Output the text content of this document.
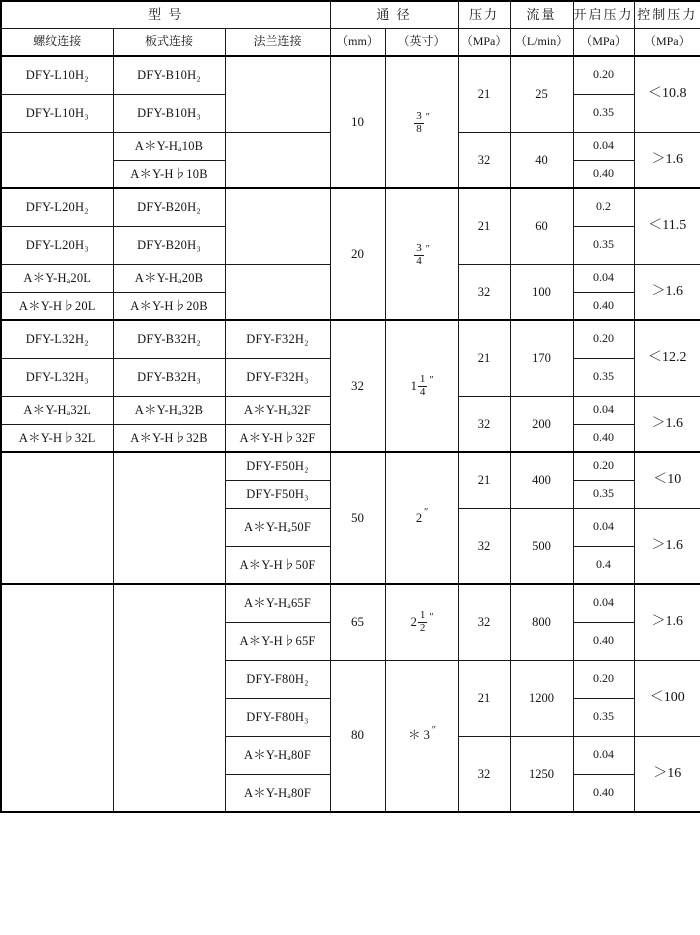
型 号			通 径		压力	流量	开启压力	控制压力
螺纹连接	板式连接	法兰连接	（mm）	（英寸）	（MPa）	（L/min）	（MPa）	（MPa）
DFY-L10H₂	DFY-B10H₂		10	$\frac{3}{8}$ ″	21	25	0.20	＜10.8
DFY-L10H₃	DFY-B10H₃						0.35	
	A＊Y-Hₐ10B				32	40	0.04	＞1.6
	A＊Y-H♭10B						0.40	
DFY-L20H₂	DFY-B20H₂		20	$\frac{3}{4}$ ″	21	60	0.2	＜11.5
DFY-L20H₃	DFY-B20H₃						0.35	
A＊Y-Hₐ20L	A＊Y-Hₐ20B				32	100	0.04	＞1.6
A＊Y-H♭20L	A＊Y-H♭20B						0.40	
DFY-L32H₂	DFY-B32H₂	DFY-F32H₂	32	$1 \frac{1}{4}$ ″	21	170	0.20	＜12.2
DFY-L32H₃	DFY-B32H₃	DFY-F32H₃					0.35	
A＊Y-Hₐ32L	A＊Y-Hₐ32B	A＊Y-Hₐ32F			32	200	0.04	＞1.6
A＊Y-H♭32L	A＊Y-H♭32B	A＊Y-H♭32F					0.40	
		DFY-F50H₂	50	2 ″	21	400	0.20	＜10
		DFY-F50H₃					0.35	
		A＊Y-Hₐ50F			32	500	0.04	＞1.6
		A＊Y-H♭50F					0.4	
		A＊Y-Hₐ65F	65	$2 \frac{1}{2}$ ″	32	800	0.04	＞1.6
		A＊Y-H♭65F					0.40	
		DFY-F80H₂	80	＊ 3 ″	21	1200	0.20	＜100
		DFY-F80H₃					0.35	
		A＊Y-Hₐ80F			32	1250	0.04	＞16
		A＊Y-Hₐ80F					0.40	
